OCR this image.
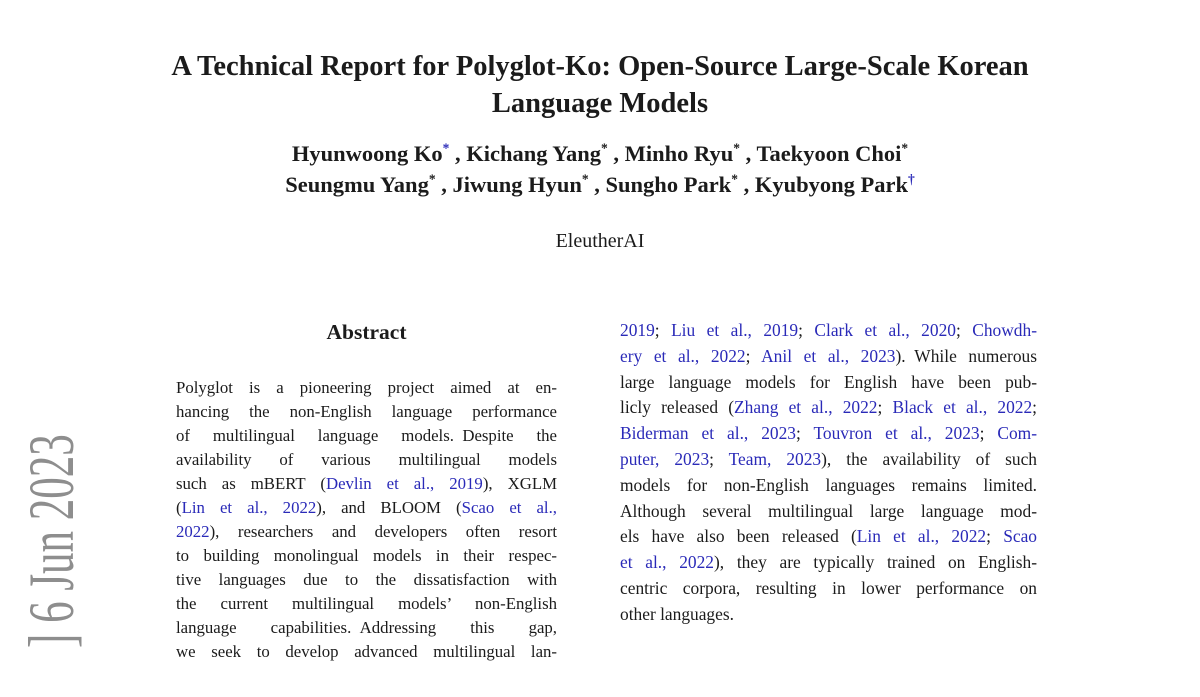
] 6 Jun 2023
A Technical Report for Polyglot-Ko: Open-Source Large-Scale Korean
Language Models
Hyunwoong Ko* , Kichang Yang* , Minho Ryu* , Taekyoon Choi*
Seungmu Yang* , Jiwung Hyun* , Sungho Park* , Kyubyong Park†
EleutherAI
Abstract
Polyglot is a pioneering project aimed at en-
hancing the non-English language performance
of multilingual language models. Despite the
availability of various multilingual models
such as mBERT (Devlin et al., 2019), XGLM
(Lin et al., 2022), and BLOOM (Scao et al.,
2022), researchers and developers often resort
to building monolingual models in their respec-
tive languages due to the dissatisfaction with
the current multilingual models’ non-English
language capabilities. Addressing this gap,
we seek to develop advanced multilingual lan-
2019; Liu et al., 2019; Clark et al., 2020; Chowdh-
ery et al., 2022; Anil et al., 2023). While numerous
large language models for English have been pub-
licly released (Zhang et al., 2022; Black et al., 2022;
Biderman et al., 2023; Touvron et al., 2023; Com-
puter, 2023; Team, 2023), the availability of such
models for non-English languages remains limited.
Although several multilingual large language mod-
els have also been released (Lin et al., 2022; Scao
et al., 2022), they are typically trained on English-
centric corpora, resulting in lower performance on
other languages.
